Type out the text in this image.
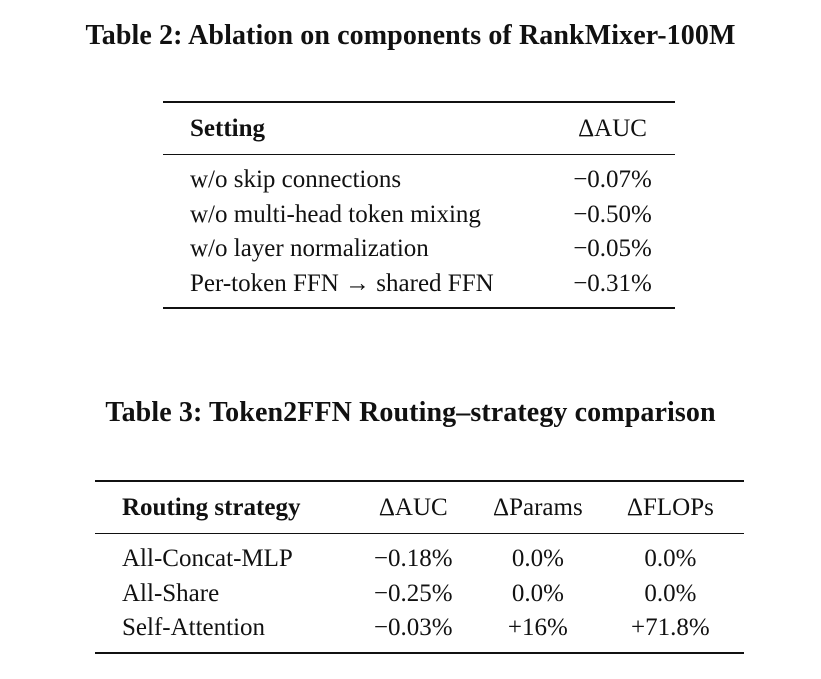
Table 2: Ablation on components of RankMixer-100M
Setting	ΔAUC
w/o skip connections	−0.07%
w/o multi-head token mixing	−0.50%
w/o layer normalization	−0.05%
Per-token FFN → shared FFN	−0.31%
Table 3: Token2FFN Routing–strategy comparison
Routing strategy	ΔAUC	ΔParams	ΔFLOPs
All-Concat-MLP	−0.18%	0.0%	0.0%
All-Share	−0.25%	0.0%	0.0%
Self-Attention	−0.03%	+16%	+71.8%
